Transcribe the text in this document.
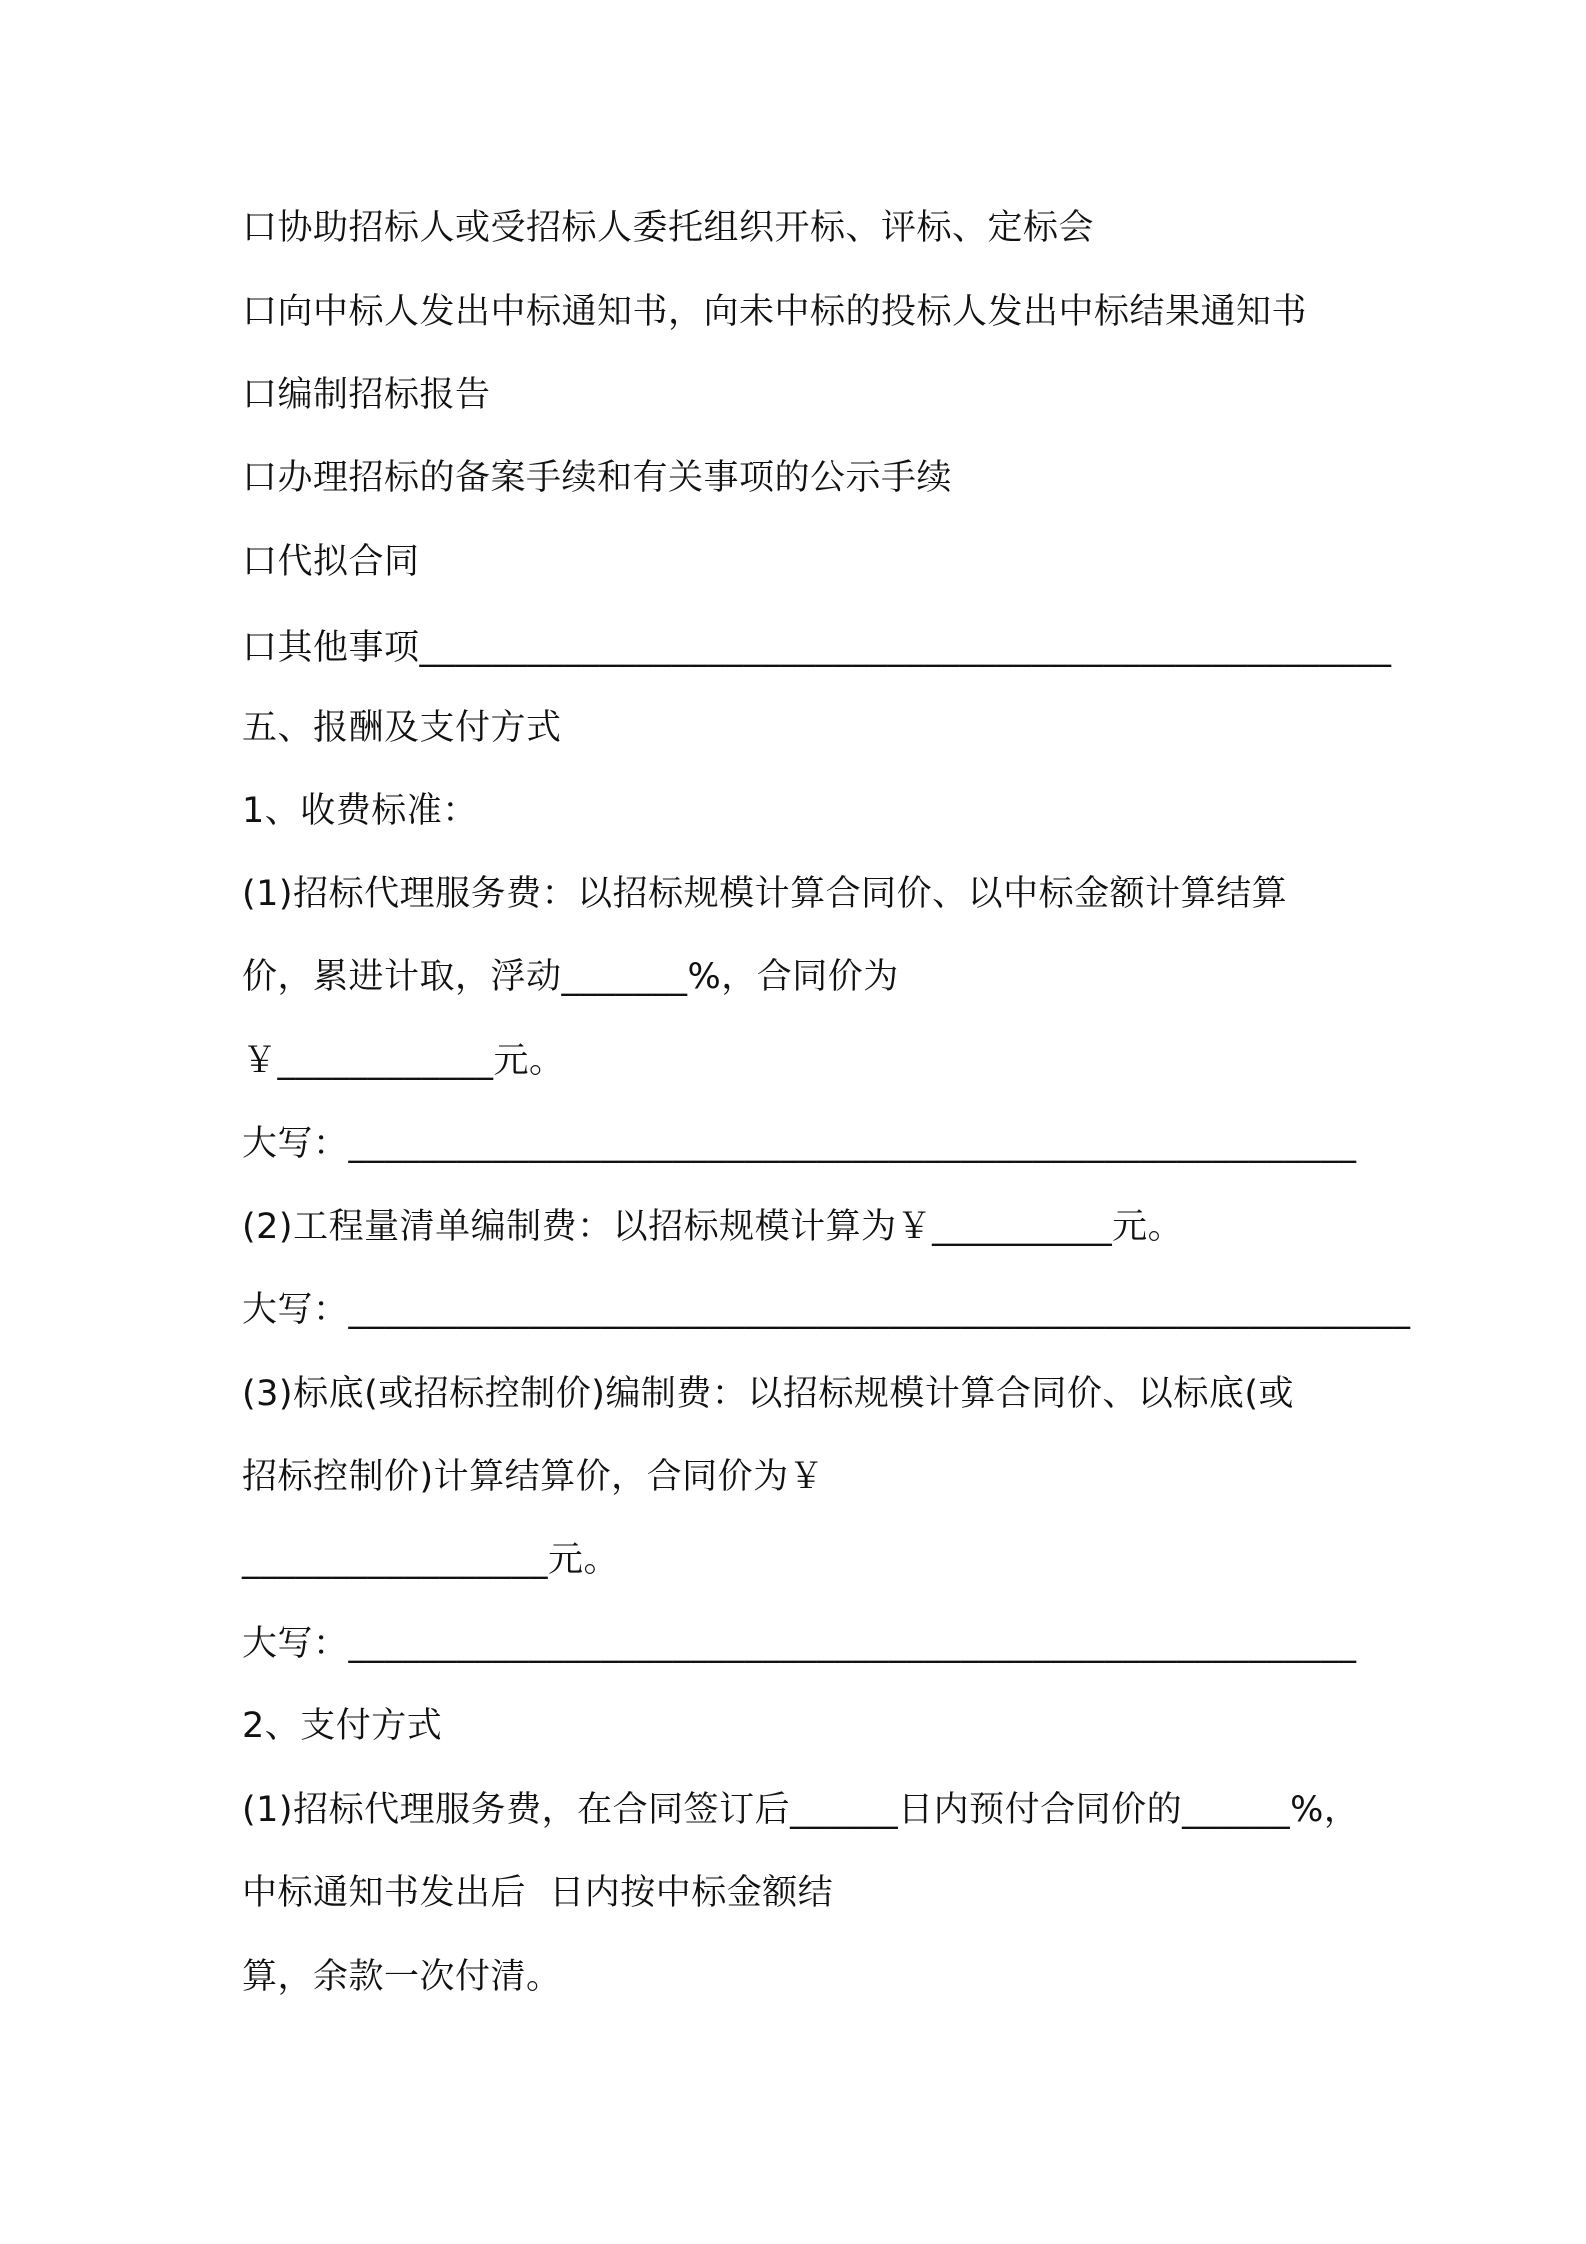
口协助招标人或受招标人委托组织开标、评标、定标会
口向中标人发出中标通知书，向未中标的投标人发出中标结果通知书
口编制招标报告
口办理招标的备案手续和有关事项的公示手续
口代拟合同
口其他事项______________________________________________________
五、报酬及支付方式
1、收费标准：
(1)招标代理服务费：以招标规模计算合同价、以中标金额计算结算
价，累进计取，浮动_______%，合同价为
￥____________元。
大写：________________________________________________________
(2)工程量清单编制费：以招标规模计算为￥__________元。
大写：___________________________________________________________
(3)标底(或招标控制价)编制费：以招标规模计算合同价、以标底(或
招标控制价)计算结算价，合同价为￥
_________________元。
大写：________________________________________________________
2、支付方式
(1)招标代理服务费，在合同签订后______日内预付合同价的______%，
中标通知书发出后  日内按中标金额结
算，余款一次付清。
